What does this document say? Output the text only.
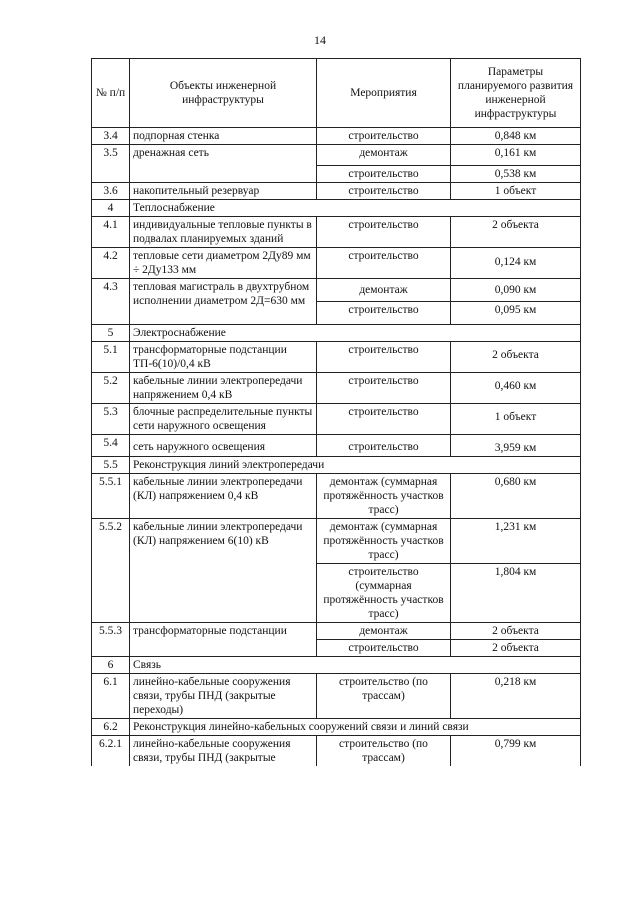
14
№ п/п	Объекты инженерной инфраструктуры	Мероприятия	Параметры планируемого развития инженерной инфраструктуры
3.4	подпорная стенка	строительство	0,848 км
3.5	дренажная сеть	демонтаж	0,161 км
		строительство	0,538 км
3.6	накопительный резервуар	строительство	1 объект
4	Теплоснабжение		
4.1	индивидуальные тепловые пункты в подвалах планируемых зданий	строительство	2 объекта
4.2	тепловые сети диаметром 2Ду89 мм ÷ 2Ду133 мм	строительство	0,124 км
4.3	тепловая магистраль в двухтрубном исполнении диаметром 2Д=630 мм	демонтаж	0,090 км
		строительство	0,095 км
5	Электроснабжение		
5.1	трансформаторные подстанции ТП-6(10)/0,4 кВ	строительство	2 объекта
5.2	кабельные линии электропередачи напряжением 0,4 кВ	строительство	0,460 км
5.3	блочные распределительные пункты сети наружного освещения	строительство	1 объект
5.4	сеть наружного освещения	строительство	3,959 км
5.5	Реконструкция линий электропередачи		
5.5.1	кабельные линии электропередачи (КЛ) напряжением 0,4 кВ	демонтаж (суммарная протяжённость участков трасс)	0,680 км
5.5.2	кабельные линии электропередачи (КЛ) напряжением 6(10) кВ	демонтаж (суммарная протяжённость участков трасс)	1,231 км
		строительство (суммарная протяжённость участков трасс)	1,804 км
5.5.3	трансформаторные подстанции	демонтаж	2 объекта
		строительство	2 объекта
6	Связь		
6.1	линейно-кабельные сооружения связи, трубы ПНД (закрытые переходы)	строительство (по трассам)	0,218 км
6.2	Реконструкция линейно-кабельных сооружений связи и линий связи		
6.2.1	линейно-кабельные сооружения связи, трубы ПНД (закрытые	строительство (по трассам)	0,799 км
